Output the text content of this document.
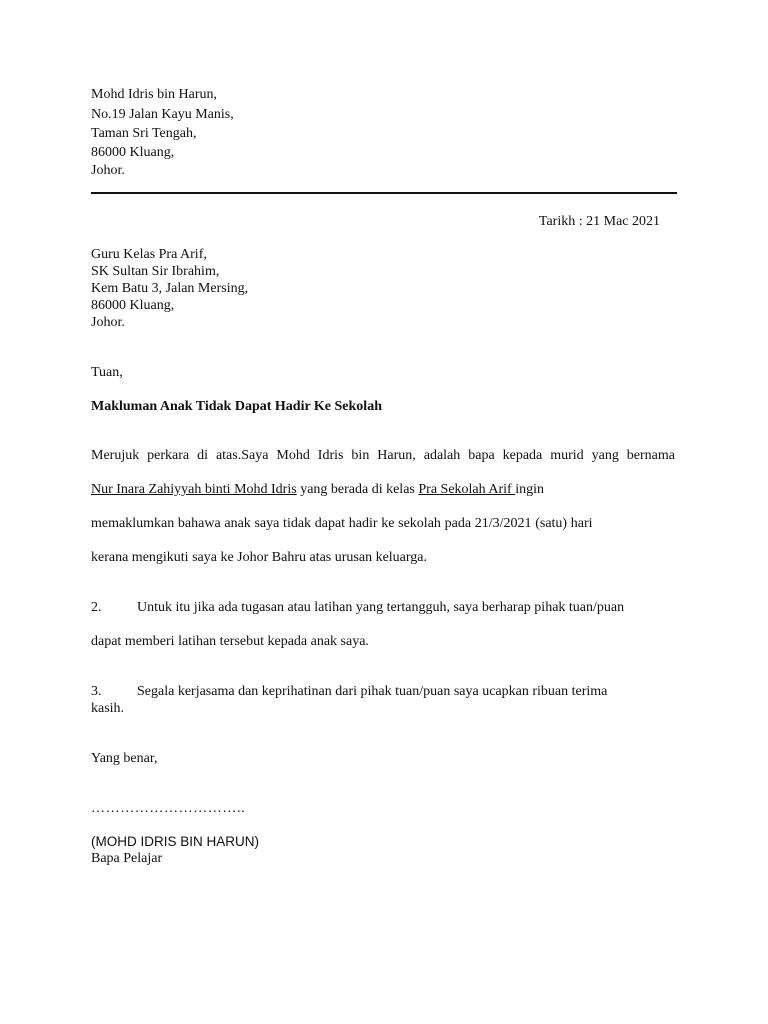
Mohd Idris bin Harun,
No.19 Jalan Kayu Manis,
Taman Sri Tengah,
86000 Kluang,
Johor.
Tarikh : 21 Mac 2021
Guru Kelas Pra Arif,
SK Sultan Sir Ibrahim,
Kem Batu 3, Jalan Mersing,
86000 Kluang,
Johor.
Tuan,
Makluman Anak Tidak Dapat Hadir Ke Sekolah
Merujuk perkara di atas.Saya Mohd Idris bin Harun, adalah bapa kepada murid yang bernama
Nur Inara Zahiyyah binti Mohd Idris yang berada di kelas Pra Sekolah Arif ingin
memaklumkan bahawa anak saya tidak dapat hadir ke sekolah pada 21/3/2021 (satu) hari
kerana mengikuti saya ke Johor Bahru atas urusan keluarga.
2.	Untuk itu jika ada tugasan atau latihan yang tertangguh, saya berharap pihak tuan/puan
dapat memberi latihan tersebut kepada anak saya.
3.	Segala kerjasama dan keprihatinan dari pihak tuan/puan saya ucapkan ribuan terima
kasih.
Yang benar,
…………………………..
(MOHD IDRIS BIN HARUN)
Bapa Pelajar
